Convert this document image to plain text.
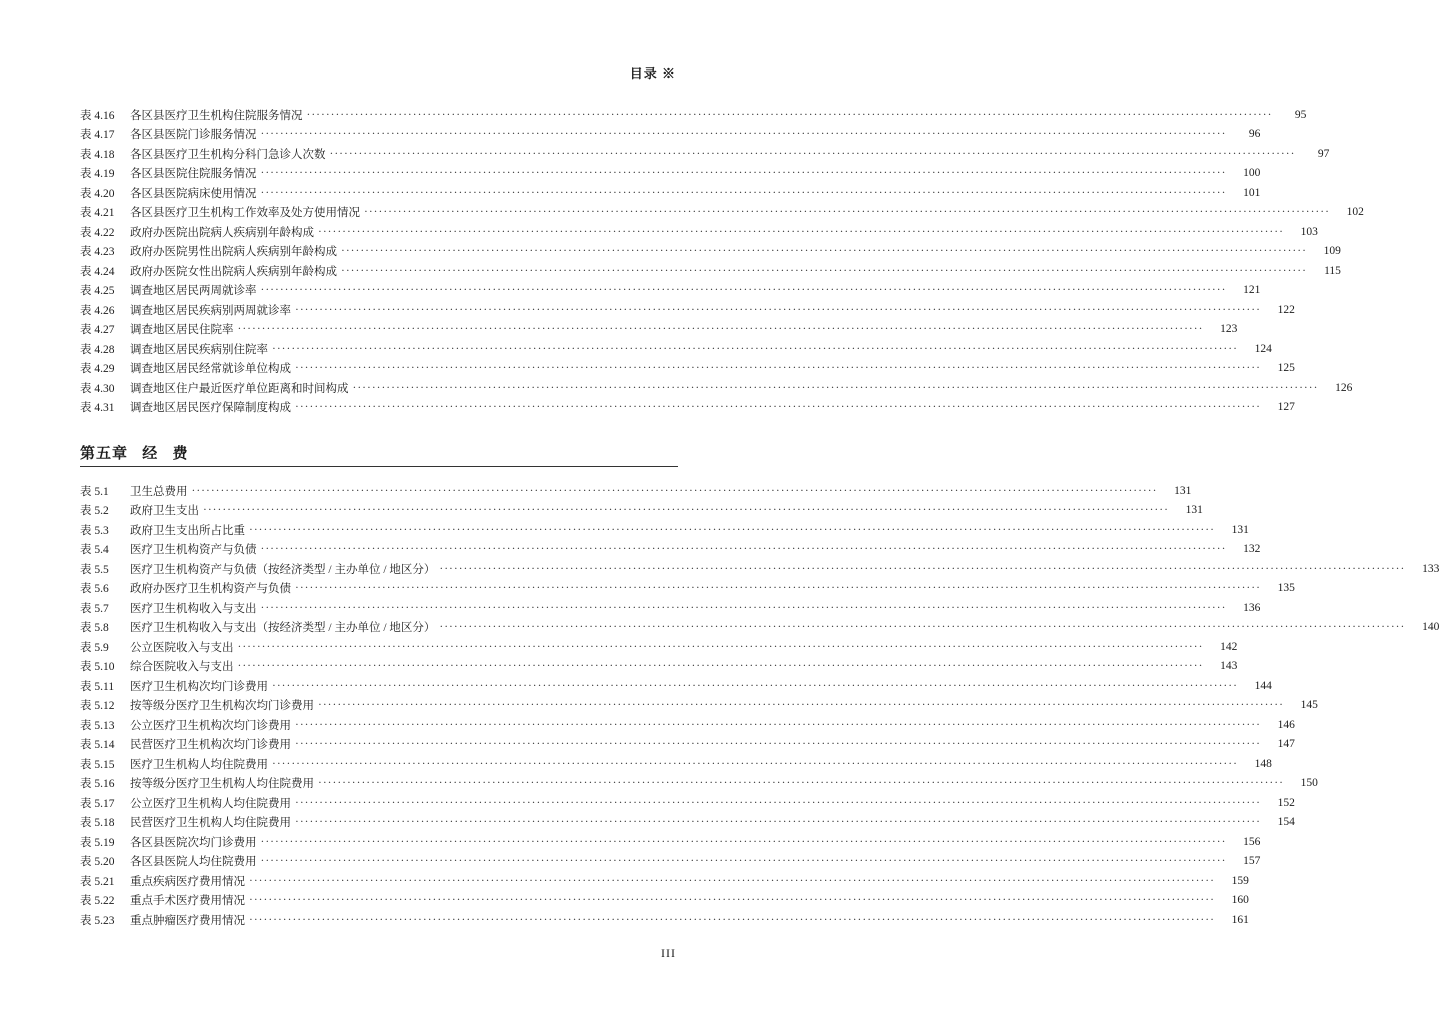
目录 ※
表 4.16	各区县医疗卫生机构住院服务情况 ········································································································································································································	95
表 4.17	各区县医院门诊服务情况 ········································································································································································································	96
表 4.18	各区县医疗卫生机构分科门急诊人次数 ········································································································································································································	97
表 4.19	各区县医院住院服务情况 ········································································································································································································	100
表 4.20	各区县医院病床使用情况 ········································································································································································································	101
表 4.21	各区县医疗卫生机构工作效率及处方使用情况 ········································································································································································································	102
表 4.22	政府办医院出院病人疾病别年龄构成 ········································································································································································································	103
表 4.23	政府办医院男性出院病人疾病别年龄构成 ········································································································································································································	109
表 4.24	政府办医院女性出院病人疾病别年龄构成 ········································································································································································································	115
表 4.25	调查地区居民两周就诊率 ········································································································································································································	121
表 4.26	调查地区居民疾病别两周就诊率 ········································································································································································································	122
表 4.27	调查地区居民住院率 ········································································································································································································	123
表 4.28	调查地区居民疾病别住院率 ········································································································································································································	124
表 4.29	调查地区居民经常就诊单位构成 ········································································································································································································	125
表 4.30	调查地区住户最近医疗单位距离和时间构成 ········································································································································································································	126
表 4.31	调查地区居民医疗保障制度构成 ········································································································································································································	127
第五章   经   费
表 5.1	卫生总费用 ········································································································································································································	131
表 5.2	政府卫生支出 ········································································································································································································	131
表 5.3	政府卫生支出所占比重 ········································································································································································································	131
表 5.4	医疗卫生机构资产与负债 ········································································································································································································	132
表 5.5	医疗卫生机构资产与负债（按经济类型 / 主办单位 / 地区分） ········································································································································································································	133
表 5.6	政府办医疗卫生机构资产与负债 ········································································································································································································	135
表 5.7	医疗卫生机构收入与支出 ········································································································································································································	136
表 5.8	医疗卫生机构收入与支出（按经济类型 / 主办单位 / 地区分） ········································································································································································································	140
表 5.9	公立医院收入与支出 ········································································································································································································	142
表 5.10	综合医院收入与支出 ········································································································································································································	143
表 5.11	医疗卫生机构次均门诊费用 ········································································································································································································	144
表 5.12	按等级分医疗卫生机构次均门诊费用 ········································································································································································································	145
表 5.13	公立医疗卫生机构次均门诊费用 ········································································································································································································	146
表 5.14	民营医疗卫生机构次均门诊费用 ········································································································································································································	147
表 5.15	医疗卫生机构人均住院费用 ········································································································································································································	148
表 5.16	按等级分医疗卫生机构人均住院费用 ········································································································································································································	150
表 5.17	公立医疗卫生机构人均住院费用 ········································································································································································································	152
表 5.18	民营医疗卫生机构人均住院费用 ········································································································································································································	154
表 5.19	各区县医院次均门诊费用 ········································································································································································································	156
表 5.20	各区县医院人均住院费用 ········································································································································································································	157
表 5.21	重点疾病医疗费用情况 ········································································································································································································	159
表 5.22	重点手术医疗费用情况 ········································································································································································································	160
表 5.23	重点肿瘤医疗费用情况 ········································································································································································································	161
III
